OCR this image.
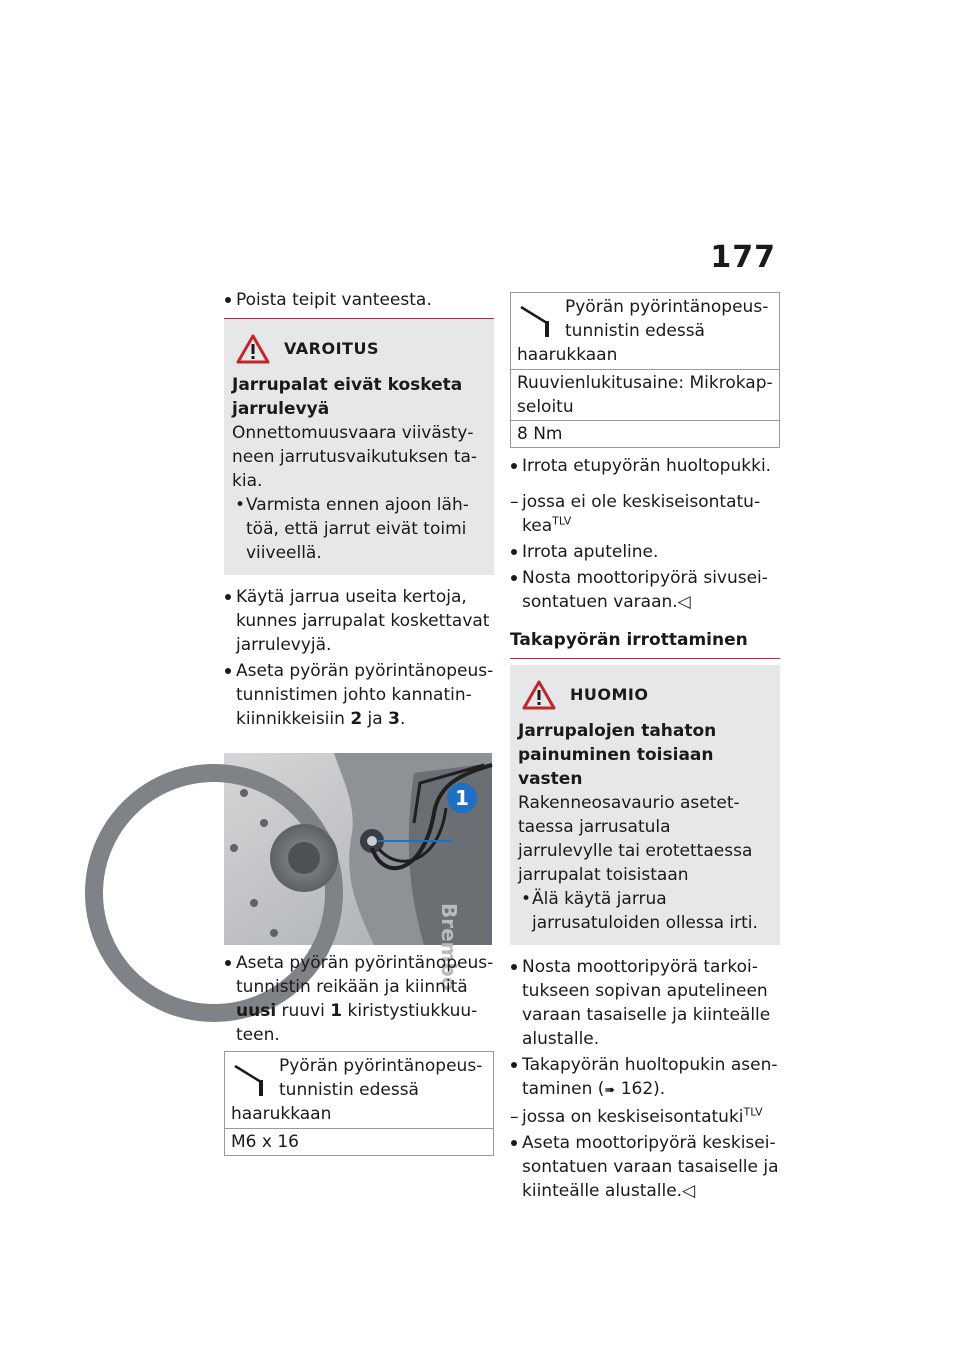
177
Poista teipit vanteesta.
VAROITUS
Jarrupalat eivät kosketa jarrulevyä
Onnettomuusvaara viivästyneen jarrutusvaikutuksen takia.
• Varmista ennen ajoon lähtöä, että jarrut eivät toimi viiveellä.
Käytä jarrua useita kertoja, kunnes jarrupalat koskettavat jarrulevyjä.
Aseta pyörän pyörintänopeustunnistimen johto kannatinkiinnikkeisiin 2 ja 3.
Brembo
1
Aseta pyörän pyörintänopeustunnistin reikään ja kiinnitä uusi ruuvi 1 kiristystiukkuuteen.
Pyörän pyörintänopeustunnistin edessä haarukkaan
M6 x 16
Pyörän pyörintänopeustunnistin edessä haarukkaan
Ruuvienlukitusaine: Mikrokapseloitu
8 Nm
Irrota etupyörän huoltopukki.
– jossa ei ole keskiseisontatukea$^{TLV}$
Irrota aputeline.
Nosta moottoripyörä sivuseisontatuen varaan.◁
Takapyörän irrottaminen
HUOMIO
Jarrupalojen tahaton painuminen toisiaan vasten
Rakenneosavaurio asetettaessa jarrusatula jarrulevylle tai erotettaessa jarrupalat toisistaan
• Älä käytä jarrua jarrusatuloiden ollessa irti.
Nosta moottoripyörä tarkoitukseen sopivan aputelineen varaan tasaiselle ja kiinteälle alustalle.
Takapyörän huoltopukin asentaminen (➠ 162).
– jossa on keskiseisontatuki$^{TLV}$
Aseta moottoripyörä keskiseisontatuen varaan tasaiselle ja kiinteälle alustalle.◁
